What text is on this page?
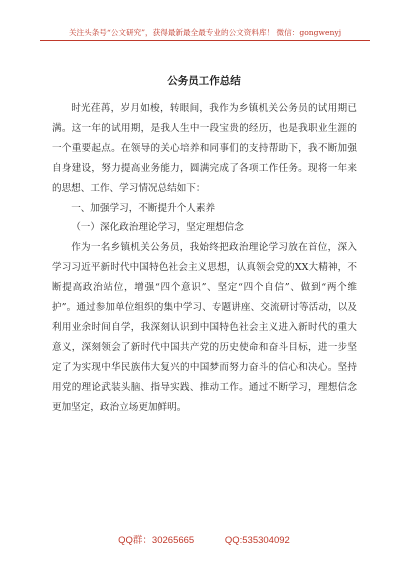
关注头条号“公文研究”，获得最新最全最专业的公文资料库！ 微信：gongwenyj
公务员工作总结

时光荏苒，岁月如梭，转眼间，我作为乡镇机关公务员的试用期已满。这一年的试用期，是我人生中一段宝贵的经历，也是我职业生涯的一个重要起点。在领导的关心培养和同事们的支持帮助下，我不断加强自身建设，努力提高业务能力，圆满完成了各项工作任务。现将一年来的思想、工作、学习情况总结如下：

一、加强学习，不断提升个人素养

（一）深化政治理论学习，坚定理想信念

作为一名乡镇机关公务员，我始终把政治理论学习放在首位，深入学习习近平新时代中国特色社会主义思想，认真领会党的XX大精神，不断提高政治站位，增强“四个意识”、坚定“四个自信”、做到“两个维护”。通过参加单位组织的集中学习、专题讲座、交流研讨等活动，以及利用业余时间自学，我深刻认识到中国特色社会主义进入新时代的重大意义，深刻领会了新时代中国共产党的历史使命和奋斗目标，进一步坚定了为实现中华民族伟大复兴的中国梦而努力奋斗的信心和决心。坚持用党的理论武装头脑、指导实践、推动工作。通过不断学习，理想信念更加坚定，政治立场更加鲜明。

QQ群：30265665	QQ:535304092
